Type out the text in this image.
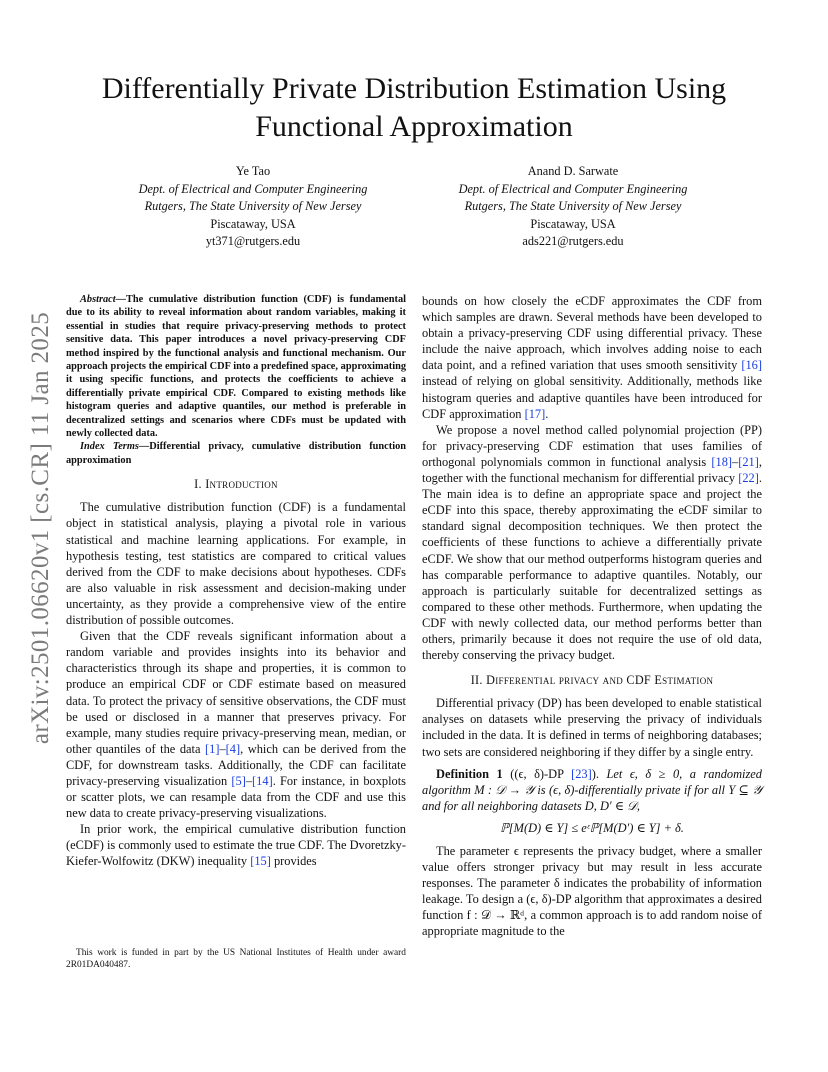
Differentially Private Distribution Estimation Using Functional Approximation
Ye Tao
Dept. of Electrical and Computer Engineering
Rutgers, The State University of New Jersey
Piscataway, USA
yt371@rutgers.edu
Anand D. Sarwate
Dept. of Electrical and Computer Engineering
Rutgers, The State University of New Jersey
Piscataway, USA
ads221@rutgers.edu
arXiv:2501.06620v1 [cs.CR] 11 Jan 2025

Abstract—The cumulative distribution function (CDF) is fundamental due to its ability to reveal information about random variables, making it essential in studies that require privacy-preserving methods to protect sensitive data. This paper introduces a novel privacy-preserving CDF method inspired by the functional analysis and functional mechanism. Our approach projects the empirical CDF into a predefined space, approximating it using specific functions, and protects the coefficients to achieve a differentially private empirical CDF. Compared to existing methods like histogram queries and adaptive quantiles, our method is preferable in decentralized settings and scenarios where CDFs must be updated with newly collected data.

Index Terms—Differential privacy, cumulative distribution function approximation

I. Introduction

The cumulative distribution function (CDF) is a fundamental object in statistical analysis, playing a pivotal role in various statistical and machine learning applications. For example, in hypothesis testing, test statistics are compared to critical values derived from the CDF to make decisions about hypotheses. CDFs are also valuable in risk assessment and decision-making under uncertainty, as they provide a comprehensive view of the entire distribution of possible outcomes.

Given that the CDF reveals significant information about a random variable and provides insights into its behavior and characteristics through its shape and properties, it is common to produce an empirical CDF or CDF estimate based on measured data. To protect the privacy of sensitive observations, the CDF must be used or disclosed in a manner that preserves privacy. For example, many studies require privacy-preserving mean, median, or other quantiles of the data [1]–[4], which can be derived from the CDF, for downstream tasks. Additionally, the CDF can facilitate privacy-preserving visualization [5]–[14]. For instance, in boxplots or scatter plots, we can resample data from the CDF and use this new data to create privacy-preserving visualizations.

In prior work, the empirical cumulative distribution function (eCDF) is commonly used to estimate the true CDF. The Dvoretzky-Kiefer-Wolfowitz (DKW) inequality [15] provides

This work is funded in part by the US National Institutes of Health under award 2R01DA040487.

bounds on how closely the eCDF approximates the CDF from which samples are drawn. Several methods have been developed to obtain a privacy-preserving CDF using differential privacy. These include the naive approach, which involves adding noise to each data point, and a refined variation that uses smooth sensitivity [16] instead of relying on global sensitivity. Additionally, methods like histogram queries and adaptive quantiles have been introduced for CDF approximation [17].

We propose a novel method called polynomial projection (PP) for privacy-preserving CDF estimation that uses families of orthogonal polynomials common in functional analysis [18]–[21], together with the functional mechanism for differential privacy [22]. The main idea is to define an appropriate space and project the eCDF into this space, thereby approximating the eCDF similar to standard signal decomposition techniques. We then protect the coefficients of these functions to achieve a differentially private eCDF. We show that our method outperforms histogram queries and has comparable performance to adaptive quantiles. Notably, our approach is particularly suitable for decentralized settings as compared to these other methods. Furthermore, when updating the CDF with newly collected data, our method performs better than others, primarily because it does not require the use of old data, thereby conserving the privacy budget.

II. Differential privacy and CDF Estimation

Differential privacy (DP) has been developed to enable statistical analyses on datasets while preserving the privacy of individuals included in the data. It is defined in terms of neighboring databases; two sets are considered neighboring if they differ by a single entry.

Definition 1 ((ϵ, δ)-DP [23]). Let ϵ, δ ≥ 0, a randomized algorithm M : 𝒟 → 𝒴 is (ϵ, δ)-differentially private if for all Y ⊆ 𝒴 and for all neighboring datasets D, D′ ∈ 𝒟,

ℙ[M(D) ∈ Y] ≤ eᵋℙ[M(D′) ∈ Y] + δ.

The parameter ϵ represents the privacy budget, where a smaller value offers stronger privacy but may result in less accurate responses. The parameter δ indicates the probability of information leakage. To design a (ϵ, δ)-DP algorithm that approximates a desired function f : 𝒟 → ℝᵈ, a common approach is to add random noise of appropriate magnitude to the
